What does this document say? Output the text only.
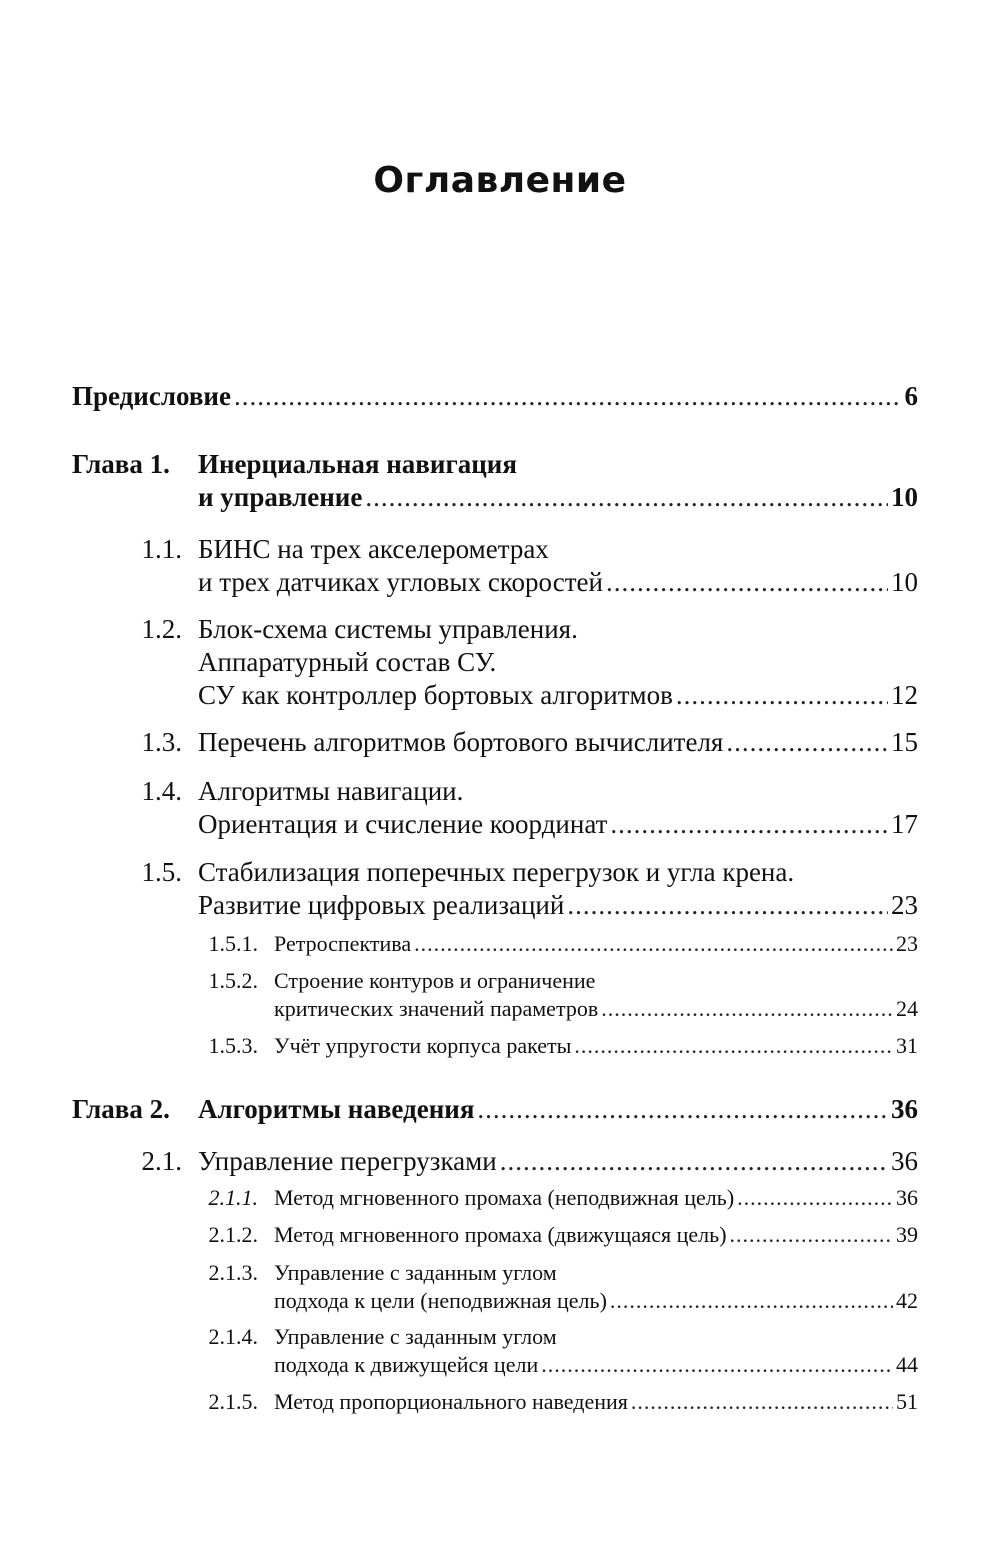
Оглавление
Предисловие .....	6
Глава 1.	Инерциальная навигация
и управление .....	10
1.1. БИНС на трех акселерометрах
и трех датчиках угловых скоростей .....	10
1.2. Блок-схема системы управления.
Аппаратурный состав СУ.
СУ как контроллер бортовых алгоритмов .....	12
1.3. Перечень алгоритмов бортового вычислителя .....	15
1.4. Алгоритмы навигации.
Ориентация и счисление координат .....	17
1.5. Стабилизация поперечных перегрузок и угла крена.
Развитие цифровых реализаций .....	23
1.5.1. Ретроспектива .....	23
1.5.2. Строение контуров и ограничение
критических значений параметров .....	24
1.5.3. Учёт упругости корпуса ракеты .....	31
Глава 2.	Алгоритмы наведения .....	36
2.1. Управление перегрузками .....	36
2.1.1. Метод мгновенного промаха (неподвижная цель) .....	36
2.1.2. Метод мгновенного промаха (движущаяся цель) .....	39
2.1.3. Управление с заданным углом
подхода к цели (неподвижная цель) .....	42
2.1.4. Управление с заданным углом
подхода к движущейся цели .....	44
2.1.5. Метод пропорционального наведения .....	51
